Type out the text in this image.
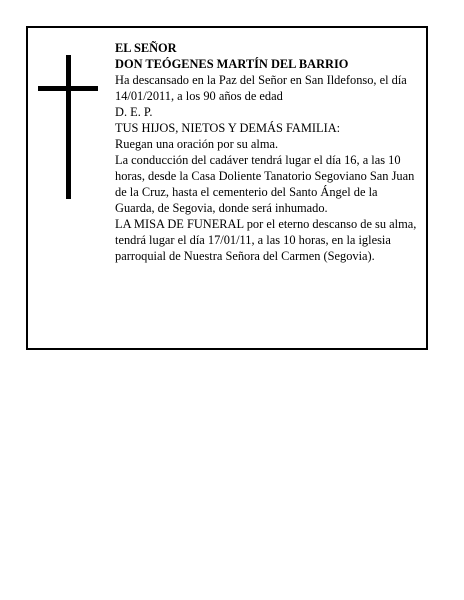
EL SEÑOR

DON TEÓGENES MARTÍN DEL BARRIO

Ha descansado en la Paz del Señor en San Ildefonso, el día 14/01/2011, a los 90 años de edad

D. E. P.

TUS HIJOS, NIETOS Y DEMÁS FAMILIA:

Ruegan una oración por su alma.

La conducción del cadáver tendrá lugar el día 16, a las 10 horas, desde la Casa Doliente Tanatorio Segoviano San Juan de la Cruz, hasta el cementerio del Santo Ángel de la Guarda, de Segovia, donde será inhumado.

LA MISA DE FUNERAL por el eterno descanso de su alma, tendrá lugar el día 17/01/11, a las 10 horas, en la iglesia parroquial de Nuestra Señora del Carmen (Segovia).
